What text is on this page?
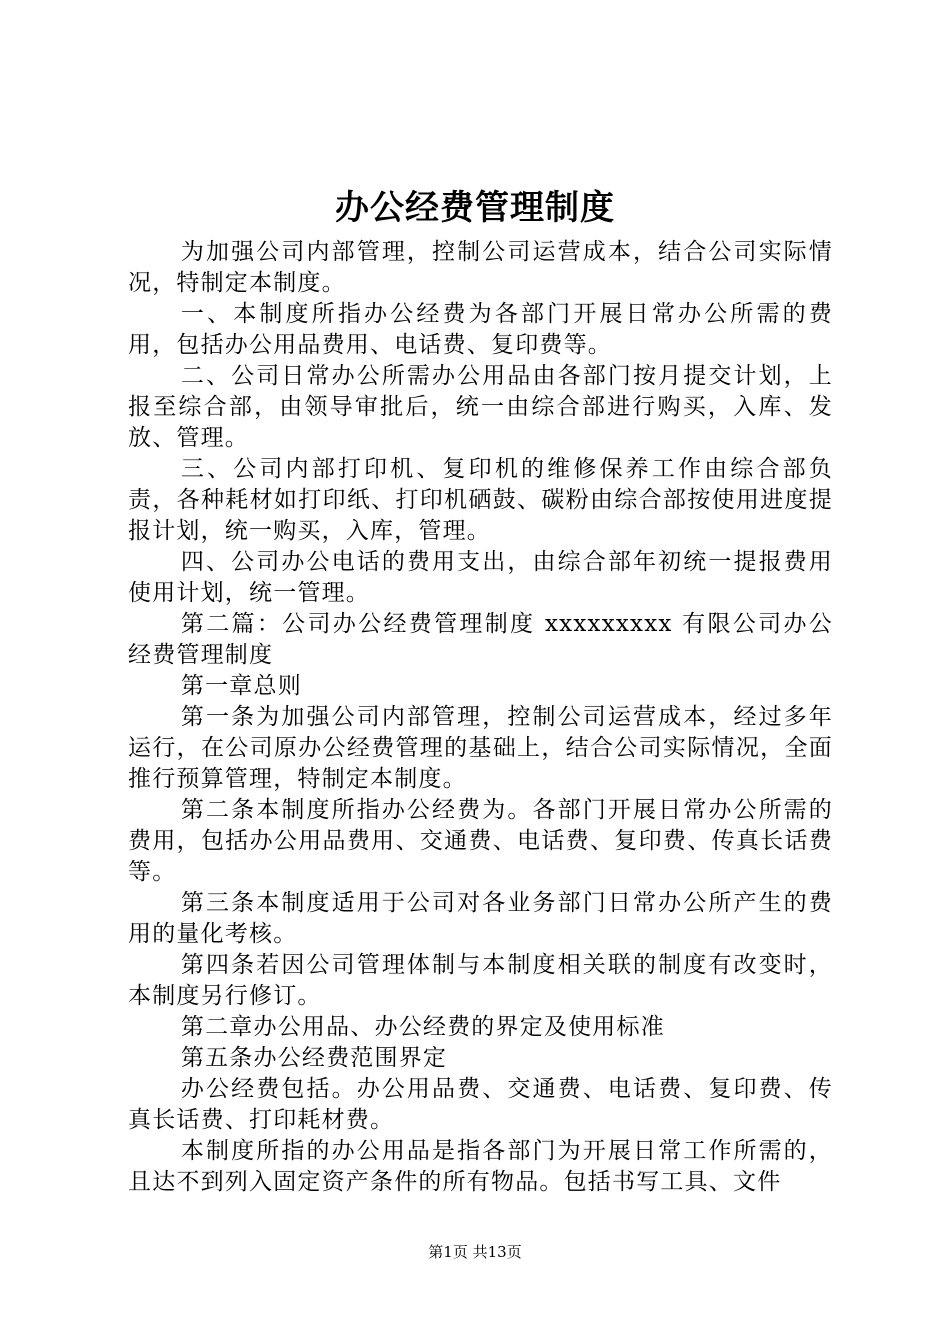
办公经费管理制度

为加强公司内部管理，控制公司运营成本，结合公司实际情况，特制定本制度。

一、本制度所指办公经费为各部门开展日常办公所需的费用，包括办公用品费用、电话费、复印费等。

二、公司日常办公所需办公用品由各部门按月提交计划，上报至综合部，由领导审批后，统一由综合部进行购买，入库、发放、管理。

三、公司内部打印机、复印机的维修保养工作由综合部负责，各种耗材如打印纸、打印机硒鼓、碳粉由综合部按使用进度提报计划，统一购买，入库，管理。

四、公司办公电话的费用支出，由综合部年初统一提报费用使用计划，统一管理。

第二篇：公司办公经费管理制度 xxxxxxxxx 有限公司办公经费管理制度

第一章总则

第一条为加强公司内部管理，控制公司运营成本，经过多年运行，在公司原办公经费管理的基础上，结合公司实际情况，全面推行预算管理，特制定本制度。

第二条本制度所指办公经费为。各部门开展日常办公所需的费用，包括办公用品费用、交通费、电话费、复印费、传真长话费等。

第三条本制度适用于公司对各业务部门日常办公所产生的费用的量化考核。

第四条若因公司管理体制与本制度相关联的制度有改变时，本制度另行修订。

第二章办公用品、办公经费的界定及使用标准

第五条办公经费范围界定

办公经费包括。办公用品费、交通费、电话费、复印费、传真长话费、打印耗材费。

本制度所指的办公用品是指各部门为开展日常工作所需的，且达不到列入固定资产条件的所有物品。包括书写工具、文件

第1页 共13页
